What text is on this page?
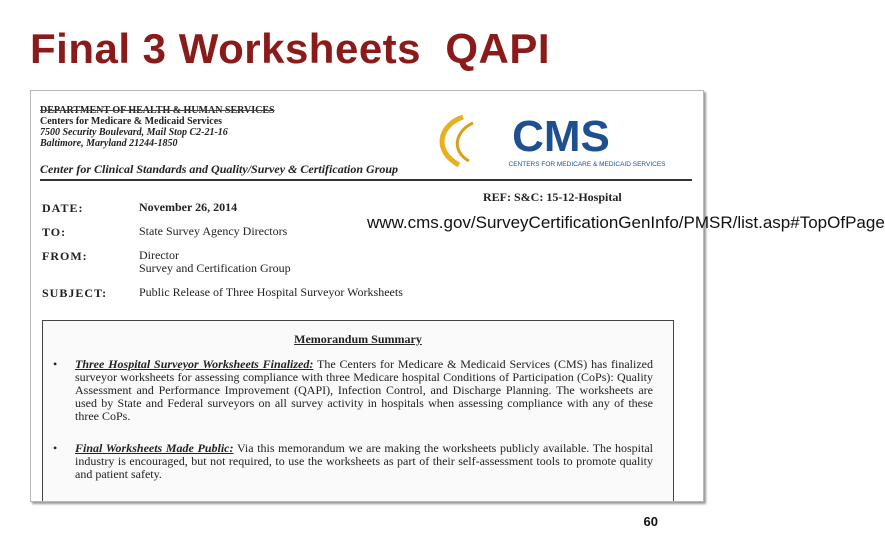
Final 3 Worksheets  QAPI
DEPARTMENT OF HEALTH & HUMAN SERVICES
Centers for Medicare & Medicaid Services
7500 Security Boulevard, Mail Stop C2-21-16
Baltimore, Maryland 21244-1850	CMS
CENTERS FOR MEDICARE & MEDICAID SERVICES
Center for Clinical Standards and Quality/Survey & Certification Group
REF: S&C: 15-12-Hospital
DATE:	November 26, 2014
TO:	State Survey Agency Directors
FROM:	Director
Survey and Certification Group
SUBJECT:	Public Release of Three Hospital Surveyor Worksheets
www.cms.gov/SurveyCertificationGenInfo/PMSR/list.asp#TopOfPage
Memorandum Summary
• Three Hospital Surveyor Worksheets Finalized: The Centers for Medicare & Medicaid Services (CMS) has finalized surveyor worksheets for assessing compliance with three Medicare hospital Conditions of Participation (CoPs): Quality Assessment and Performance Improvement (QAPI), Infection Control, and Discharge Planning. The worksheets are used by State and Federal surveyors on all survey activity in hospitals when assessing compliance with any of these three CoPs.
• Final Worksheets Made Public: Via this memorandum we are making the worksheets publicly available. The hospital industry is encouraged, but not required, to use the worksheets as part of their self-assessment tools to promote quality and patient safety.
60
